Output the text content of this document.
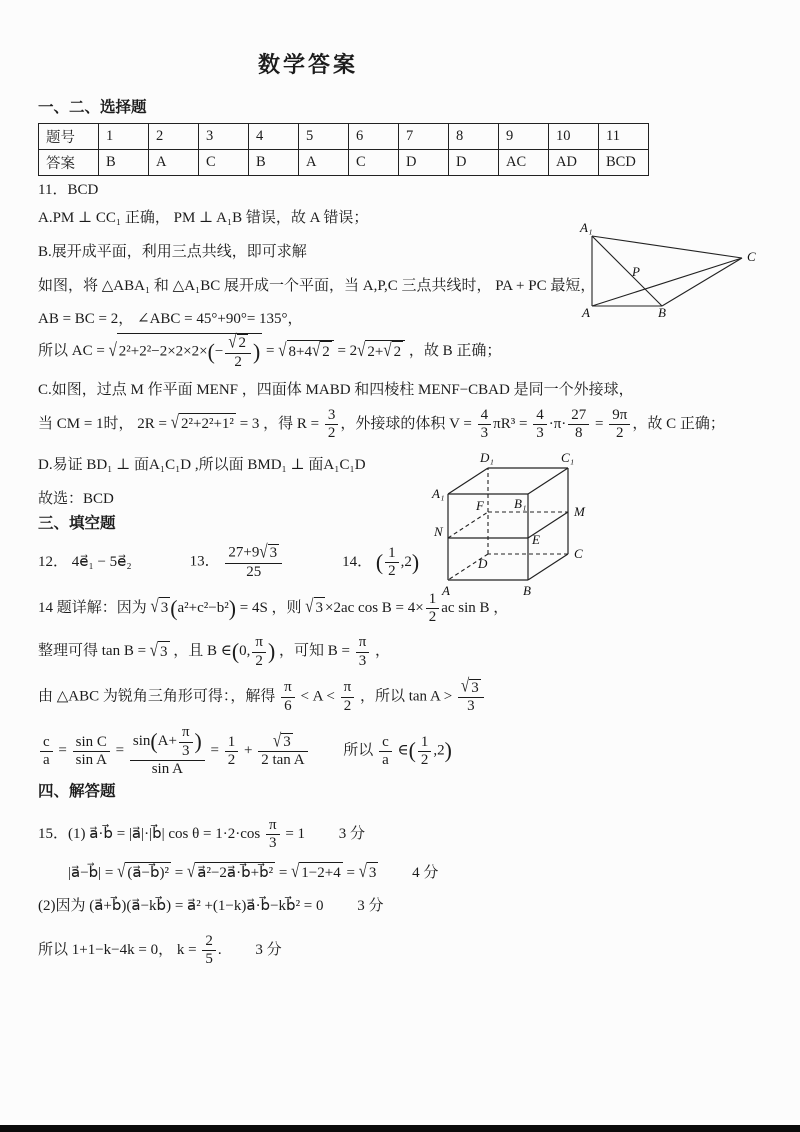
数学答案

一、二、选择题

题号	1	2	3	4	5	6	7	8	9	10	11
答案	B	A	C	B	A	C	D	D	AC	AD	BCD

11．BCD

A.PM ⊥ CC₁ 正确， PM ⊥ A₁B 错误，故 A 错误；

B.展开成平面，利用三点共线，即可求解

如图，将 △ABA₁ 和 △A₁BC 展开成一个平面，当 A,P,C 三点共线时， PA + PC 最短，

AB = BC = 2， ∠ABC = 45°+90°= 135°，

所以 AC = √ $2^2+2^2-2\times 2\times 2\times(- \frac{√ 2}{2}$ ) = √ 8+4√ 2 = 2√ 2+√ 2 ，故 B 正确；

C.如图，过点 M 作平面 MENF ，四面体 MABD 和四棱柱 MENF−CBAD 是同一个外接球，

当 CM = 1时， 2R = √ 2²+2²+1² = 3 ，得 $R = \frac{3}{2}$ ，外接球的体积 $V = \frac{4}{3} \pi R^3 = \frac{4}{3} \cdot\pi\cdot \frac{27}{8} = \frac{9\pi}{2}$ ，故 C 正确；

D.易证 BD₁ ⊥ 面A₁C₁D ,所以面 BMD₁ ⊥ 面A₁C₁D

故选：BCD

三、填空题

12． 4e⃗₁ − 5e⃗₂	13． $\frac{27+9√ 3}{25}$	14． ( $\frac{1}{2} ,2$)

14 题详解：因为 √ 3(a²+c²−b²) = 4S ，则 √ 3 ×2ac $\cos B = 4\times \frac{1}{2}$ ac sin B ，

整理可得 tan B = √ 3 ，且 B ∈(0, $\frac{\pi}{2}$ ) ，可知 $B = \frac{\pi}{3}$ ，

由 △ABC 为锐角三角形可得：，解得 $\frac{\pi}{6} < A < \frac{\pi}{2}$ ，所以 $\tan A > \frac{√ 3}{3}$

$\frac{c}{a} = \frac{\text{sin C}}{\text{sin A}} = \frac{\sin(A+ \frac{\pi}{3} )}{\text{sin A}} = \frac{1}{2} + \frac{√ 3}{\text{2 tan A}}$ 　　 所以 $\frac{c}{a}$ ∈( $\frac{1}{2} ,2$)

四、解答题

15．(1) a⃗·b⃗ = |a⃗|·|b⃗| $\cos \theta = 1\cdot 2\cdot\cos \frac{\pi}{3} = 1$　　 3 分

|a⃗−b⃗| = √ (a⃗−b⃗)² = √ a⃗²−2a⃗·b⃗+b⃗² = √ 1−2+4 = √ 3　　 4 分

(2)因为 (a⃗+b⃗)(a⃗−kb⃗) = a⃗² +(1−k)a⃗·b⃗−kb⃗² = 0　　 3 分

所以 1+1−k−4k = 0， $k = \frac{2}{5}$ .　　 3 分

A₁
C
P
A	B
D₁	C₁
A₁
B₁
F	M
N
E
D
C
A	B
